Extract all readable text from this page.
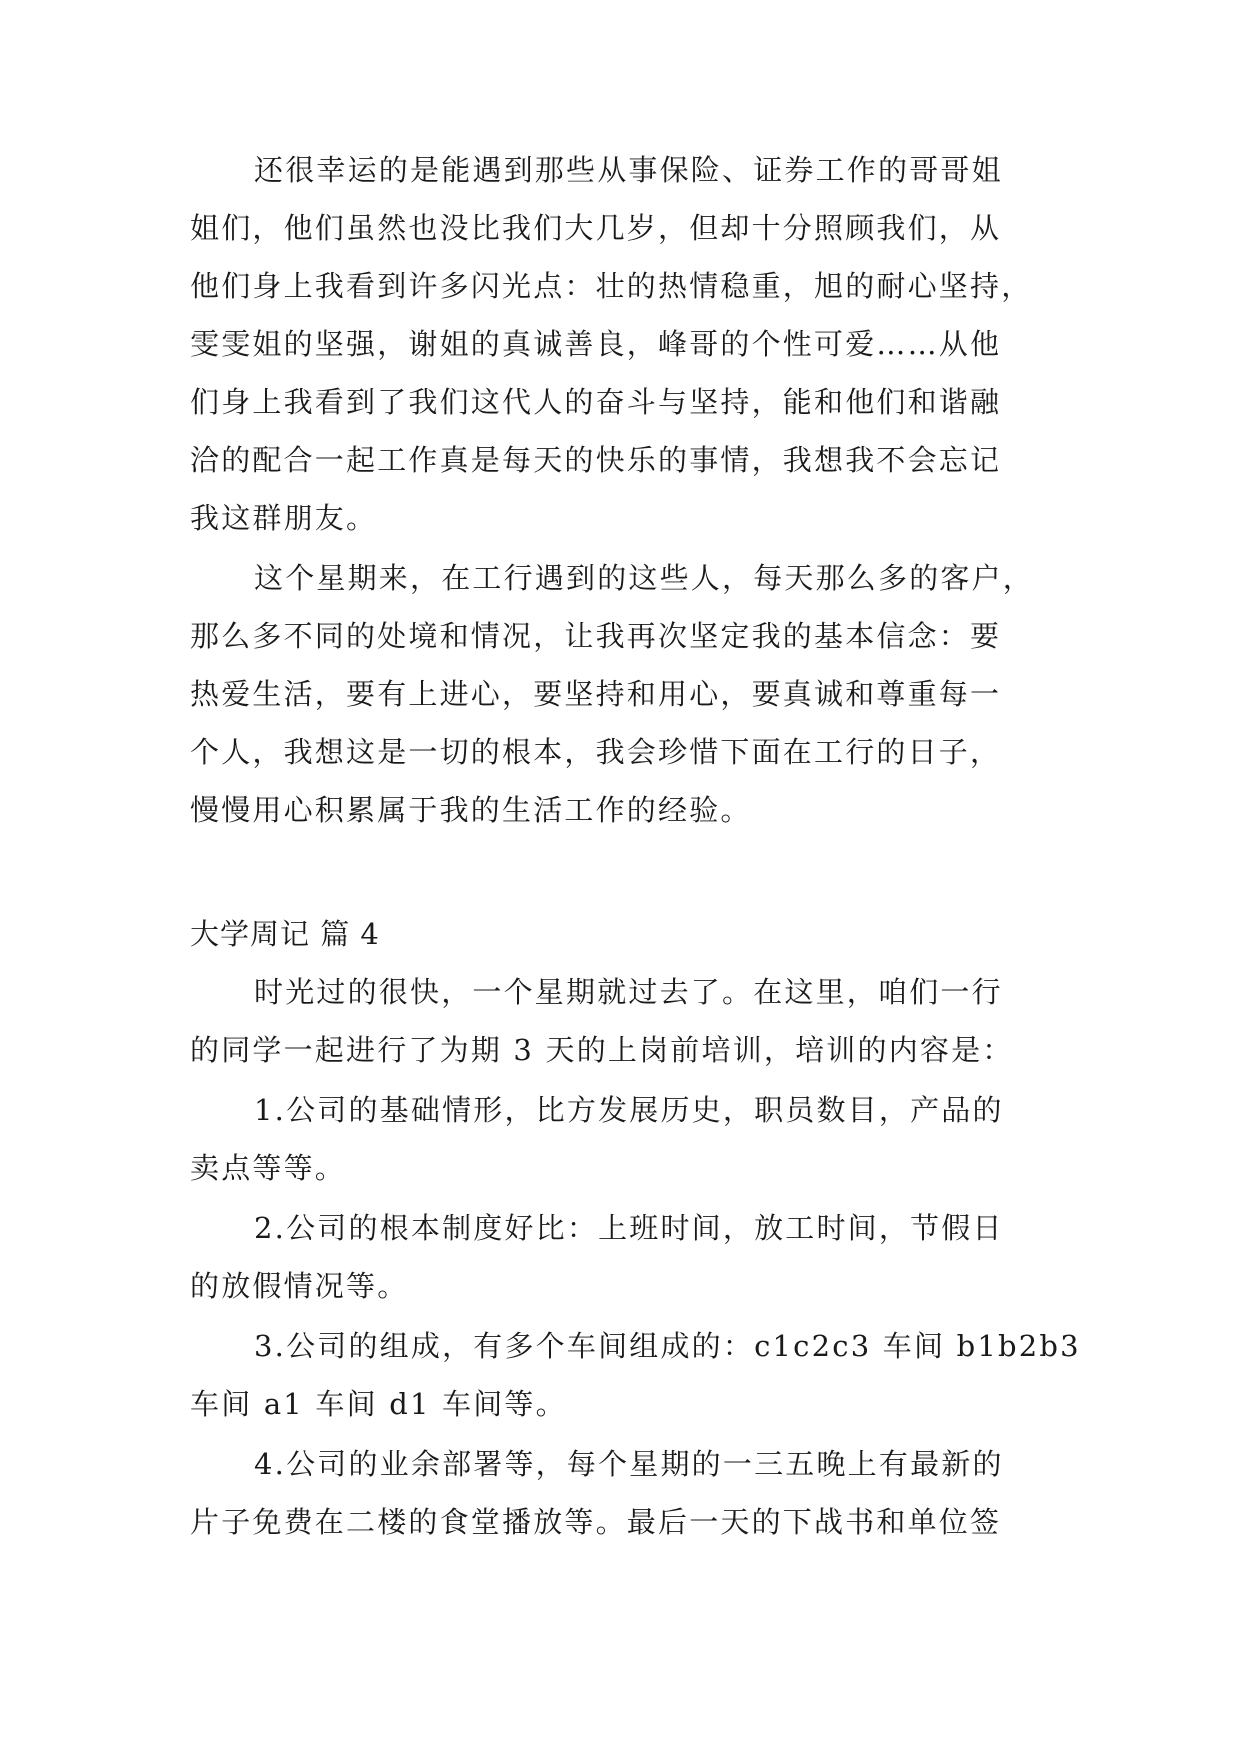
还很幸运的是能遇到那些从事保险、证券工作的哥哥姐
姐们，他们虽然也没比我们大几岁，但却十分照顾我们，从
他们身上我看到许多闪光点：壮的热情稳重，旭的耐心坚持，
雯雯姐的坚强，谢姐的真诚善良，峰哥的个性可爱……从他
们身上我看到了我们这代人的奋斗与坚持，能和他们和谐融
洽的配合一起工作真是每天的快乐的事情，我想我不会忘记
我这群朋友。
这个星期来，在工行遇到的这些人，每天那么多的客户，
那么多不同的处境和情况，让我再次坚定我的基本信念：要
热爱生活，要有上进心，要坚持和用心，要真诚和尊重每一
个人，我想这是一切的根本，我会珍惜下面在工行的日子，
慢慢用心积累属于我的生活工作的经验。
大学周记 篇 4
时光过的很快，一个星期就过去了。在这里，咱们一行
的同学一起进行了为期 3 天的上岗前培训，培训的内容是：
1.公司的基础情形，比方发展历史，职员数目，产品的
卖点等等。
2.公司的根本制度好比：上班时间，放工时间，节假日
的放假情况等。
3.公司的组成，有多个车间组成的：c1c2c3 车间 b1b2b3
车间 a1 车间 d1 车间等。
4.公司的业余部署等，每个星期的一三五晚上有最新的
片子免费在二楼的食堂播放等。最后一天的下战书和单位签
